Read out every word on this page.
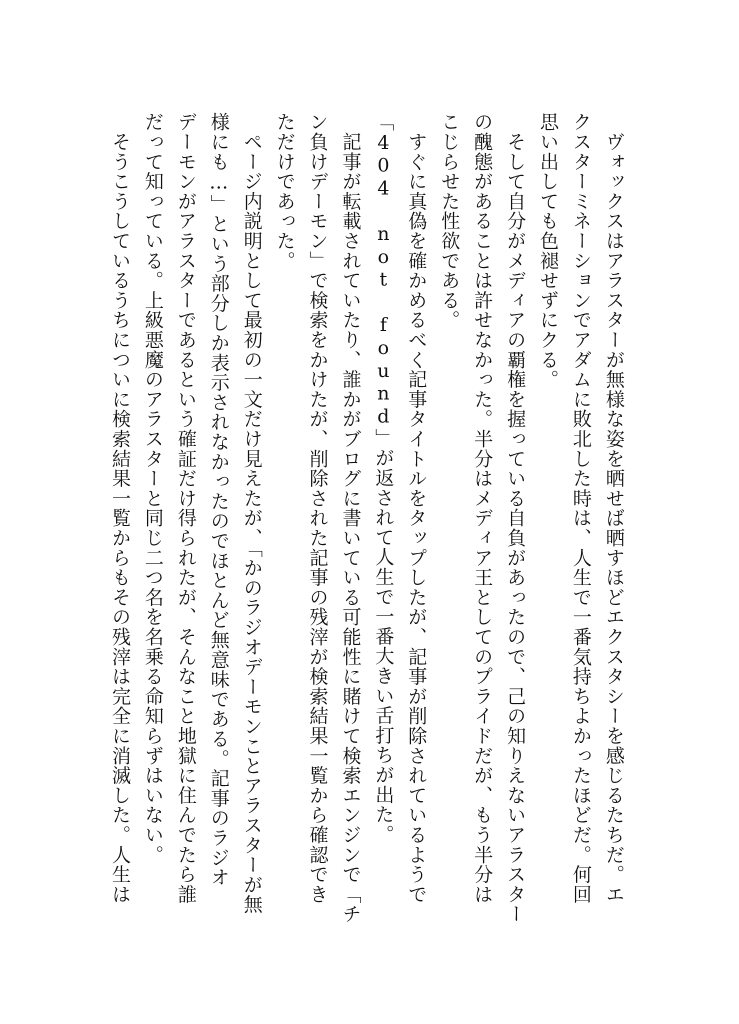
　ヴォックスはアラスターが無様な姿を晒せば晒すほどエクスタシーを感じるたちだ。エ
クスターミネーションでアダムに敗北した時は、人生で一番気持ちよかったほどだ。何回
思い出しても色褪せずにクる。
　そして自分がメディアの覇権を握っている自負があったので、己の知りえないアラスター
の醜態があることは許せなかった。半分はメディア王としてのプライドだが、もう半分は
こじらせた性欲である。
　すぐに真偽を確かめるべく記事タイトルをタップしたが、記事が削除されているようで
「404 not found」が返されて人生で一番大きい舌打ちが出た。
　記事が転載されていたり、誰かがブログに書いている可能性に賭けて検索エンジンで「チ
ン負けデーモン」で検索をかけたが、削除された記事の残滓が検索結果一覧から確認でき
ただけであった。
　ページ内説明として最初の一文だけ見えたが、「かのラジオデーモンことアラスターが無
様にも…」という部分しか表示されなかったのでほとんど無意味である。記事のラジオ
デーモンがアラスターであるという確証だけ得られたが、そんなこと地獄に住んでたら誰
だって知っている。上級悪魔のアラスターと同じ二つ名を名乗る命知らずはいない。
　そうこうしているうちについに検索結果一覧からもその残滓は完全に消滅した。人生は
